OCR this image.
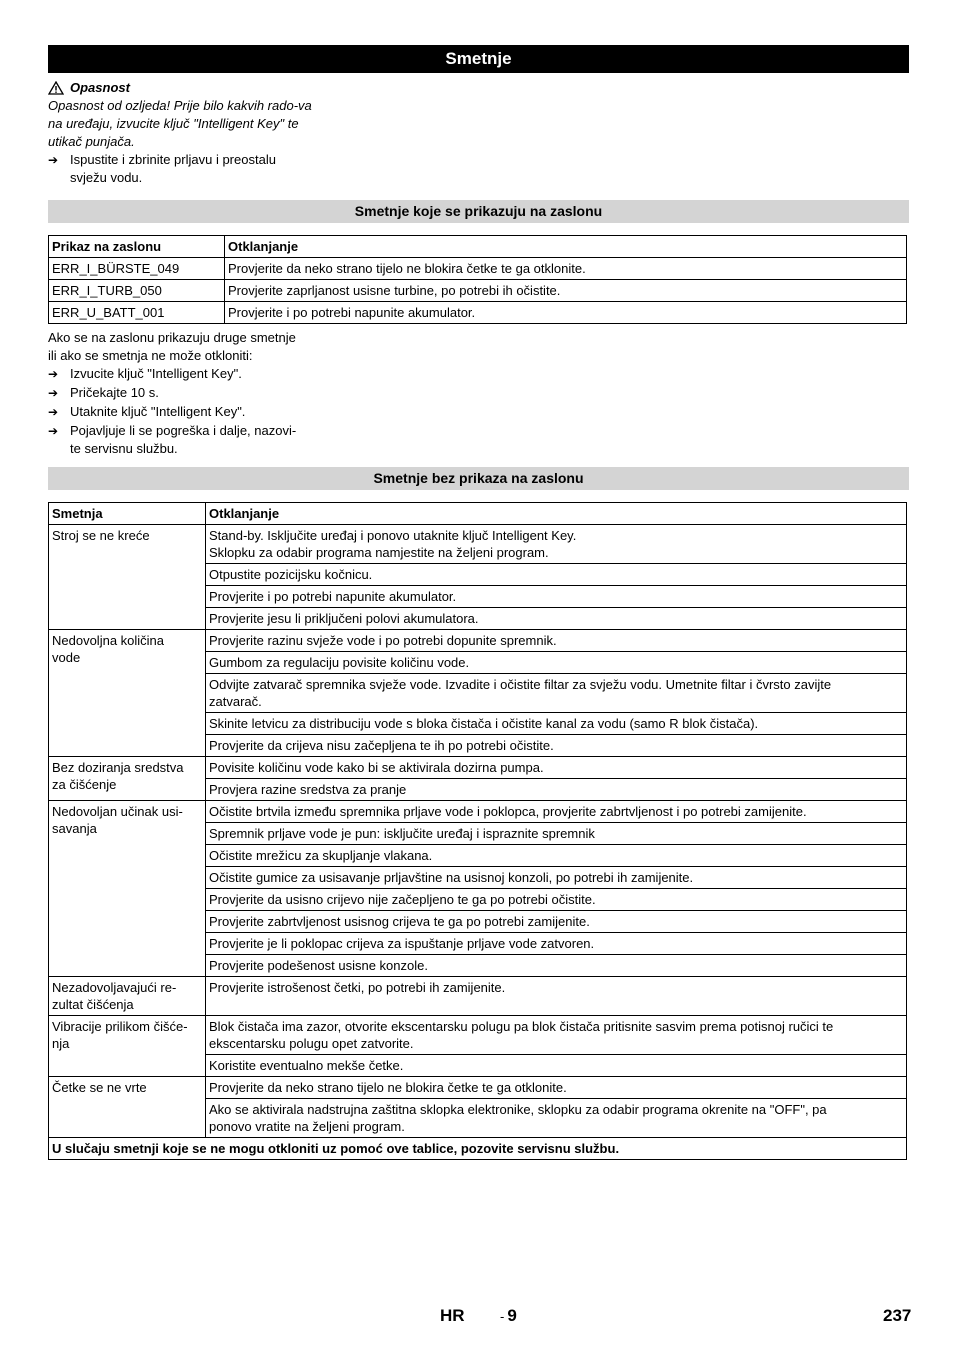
Smetnje
Opasnost
Opasnost od ozljeda! Prije bilo kakvih rado-va na uređaju, izvucite ključ "Intelligent Key" te utikač punjača.
➔ Ispustite i zbrinite prljavu i preostalu
svježu vodu.
Smetnje koje se prikazuju na zaslonu
Prikaz na zaslonu	Otklanjanje
ERR_I_BÜRSTE_049	Provjerite da neko strano tijelo ne blokira četke te ga otklonite.
ERR_I_TURB_050	Provjerite zaprljanost usisne turbine, po potrebi ih očistite.
ERR_U_BATT_001	Provjerite i po potrebi napunite akumulator.
Ako se na zaslonu prikazuju druge smetnje
ili ako se smetnja ne može otkloniti:
➔ Izvucite ključ "Intelligent Key".
➔ Pričekajte 10 s.
➔ Utaknite ključ "Intelligent Key".
➔ Pojavljuje li se pogreška i dalje, nazovi-
te servisnu službu.
Smetnje bez prikaza na zaslonu
Smetnja	Otklanjanje
Stroj se ne kreće	Stand-by. Isključite uređaj i ponovo utaknite ključ Intelligent Key.
Sklopku za odabir programa namjestite na željeni program.
	Otpustite pozicijsku kočnicu.
	Provjerite i po potrebi napunite akumulator.
	Provjerite jesu li priključeni polovi akumulatora.
Nedovoljna količina
vode	Provjerite razinu svježe vode i po potrebi dopunite spremnik.
	Gumbom za regulaciju povisite količinu vode.
	Odvijte zatvarač spremnika svježe vode. Izvadite i očistite filtar za svježu vodu. Umetnite filtar i čvrsto zavijte
zatvarač.
	Skinite letvicu za distribuciju vode s bloka čistača i očistite kanal za vodu (samo R blok čistača).
	Provjerite da crijeva nisu začepljena te ih po potrebi očistite.
Bez doziranja sredstva
za čišćenje	Povisite količinu vode kako bi se aktivirala dozirna pumpa.
	Provjera razine sredstva za pranje
Nedovoljan učinak usi-
savanja	Očistite brtvila između spremnika prljave vode i poklopca, provjerite zabrtvljenost i po potrebi zamijenite.
	Spremnik prljave vode je pun: isključite uređaj i ispraznite spremnik
	Očistite mrežicu za skupljanje vlakana.
	Očistite gumice za usisavanje prljavštine na usisnoj konzoli, po potrebi ih zamijenite.
	Provjerite da usisno crijevo nije začepljeno te ga po potrebi očistite.
	Provjerite zabrtvljenost usisnog crijeva te ga po potrebi zamijenite.
	Provjerite je li poklopac crijeva za ispuštanje prljave vode zatvoren.
	Provjerite podešenost usisne konzole.
Nezadovoljavajući re-
zultat čišćenja	Provjerite istrošenost četki, po potrebi ih zamijenite.

Vibracije prilikom čišće-
nja	Blok čistača ima zazor, otvorite ekscentarsku polugu pa blok čistača pritisnite sasvim prema potisnoj ručici te
ekscentarsku polugu opet zatvorite.
	Koristite eventualno mekše četke.
Četke se ne vrte	Provjerite da neko strano tijelo ne blokira četke te ga otklonite.
	Ako se aktivirala nadstrujna zaštitna sklopka elektronike, sklopku za odabir programa okrenite na "OFF", pa
ponovo vratite na željeni program.
U slučaju smetnji koje se ne mogu otkloniti uz pomoć ove tablice, pozovite servisnu službu.	
HR	- 9	237
